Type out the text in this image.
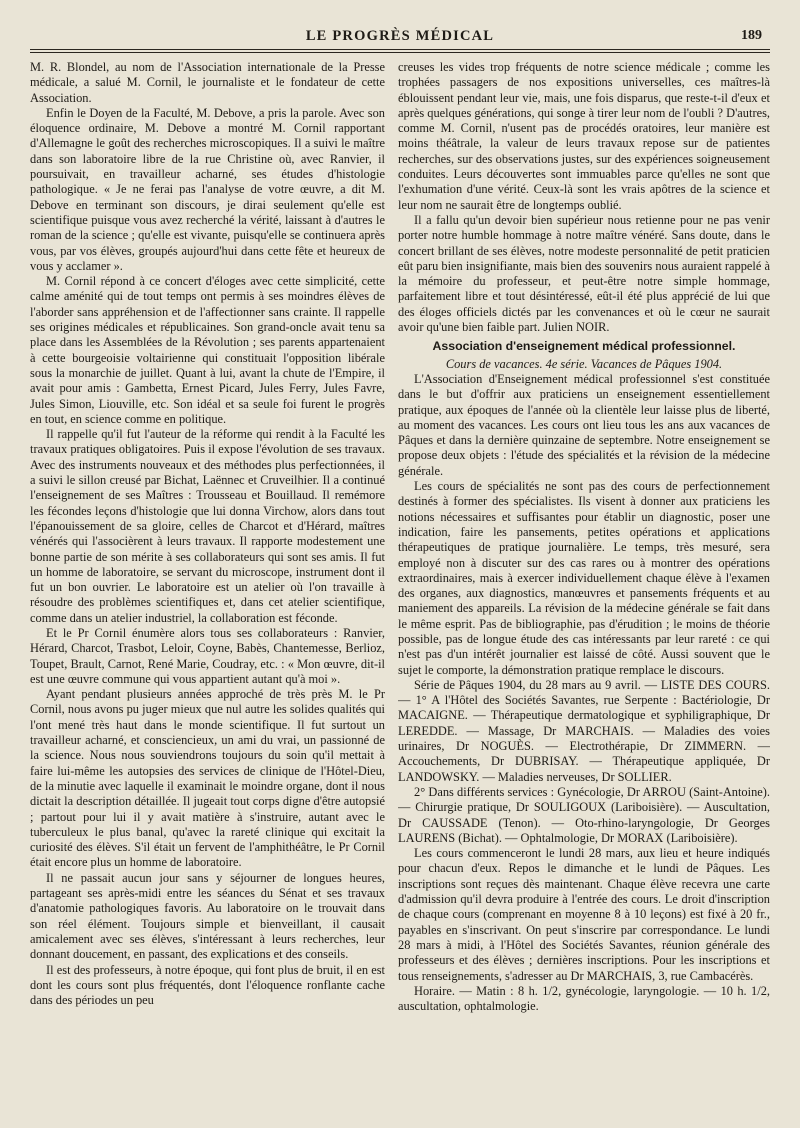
LE PROGRÈS MÉDICAL	189

M. R. Blondel, au nom de l'Association internationale de la Presse médicale, a salué M. Cornil, le journaliste et le fondateur de cette Association.

Enfin le Doyen de la Faculté, M. Debove, a pris la parole. Avec son éloquence ordinaire, M. Debove a montré M. Cornil rapportant d'Allemagne le goût des recherches microscopiques. Il a suivi le maître dans son laboratoire libre de la rue Christine où, avec Ranvier, il poursuivait, en travailleur acharné, ses études d'histologie pathologique. « Je ne ferai pas l'analyse de votre œuvre, a dit M. Debove en terminant son discours, je dirai seulement qu'elle est scientifique puisque vous avez recherché la vérité, laissant à d'autres le roman de la science ; qu'elle est vivante, puisqu'elle se continuera après vous, par vos élèves, groupés aujourd'hui dans cette fête et heureux de vous y acclamer ».

M. Cornil répond à ce concert d'éloges avec cette simplicité, cette calme aménité qui de tout temps ont permis à ses moindres élèves de l'aborder sans appréhension et de l'affectionner sans crainte. Il rappelle ses origines médicales et républicaines. Son grand-oncle avait tenu sa place dans les Assemblées de la Révolution ; ses parents appartenaient à cette bourgeoisie voltairienne qui constituait l'opposition libérale sous la monarchie de juillet. Quant à lui, avant la chute de l'Empire, il avait pour amis : Gambetta, Ernest Picard, Jules Ferry, Jules Favre, Jules Simon, Liouville, etc. Son idéal et sa seule foi furent le progrès en tout, en science comme en politique.

Il rappelle qu'il fut l'auteur de la réforme qui rendit à la Faculté les travaux pratiques obligatoires. Puis il expose l'évolution de ses travaux. Avec des instruments nouveaux et des méthodes plus perfectionnées, il a suivi le sillon creusé par Bichat, Laënnec et Cruveilhier. Il a continué l'enseignement de ses Maîtres : Trousseau et Bouillaud. Il remémore les fécondes leçons d'histologie que lui donna Virchow, alors dans tout l'épanouissement de sa gloire, celles de Charcot et d'Hérard, maîtres vénérés qui l'associèrent à leurs travaux. Il rapporte modestement une bonne partie de son mérite à ses collaborateurs qui sont ses amis. Il fut un homme de laboratoire, se servant du microscope, instrument dont il fut un bon ouvrier. Le laboratoire est un atelier où l'on travaille à résoudre des problèmes scientifiques et, dans cet atelier scientifique, comme dans un atelier industriel, la collaboration est féconde.

Et le Pr Cornil énumère alors tous ses collaborateurs : Ranvier, Hérard, Charcot, Trasbot, Leloir, Coyne, Babès, Chantemesse, Berlioz, Toupet, Brault, Carnot, René Marie, Coudray, etc. : « Mon œuvre, dit-il est une œuvre commune qui vous appartient autant qu'à moi ».

Ayant pendant plusieurs années approché de très près M. le Pr Cornil, nous avons pu juger mieux que nul autre les solides qualités qui l'ont mené très haut dans le monde scientifique. Il fut surtout un travailleur acharné, et consciencieux, un ami du vrai, un passionné de la science. Nous nous souviendrons toujours du soin qu'il mettait à faire lui-même les autopsies des services de clinique de l'Hôtel-Dieu, de la minutie avec laquelle il examinait le moindre organe, dont il nous dictait la description détaillée. Il jugeait tout corps digne d'être autopsié ; partout pour lui il y avait matière à s'instruire, autant avec le tuberculeux le plus banal, qu'avec la rareté clinique qui excitait la curiosité des élèves. S'il était un fervent de l'amphithéâtre, le Pr Cornil était encore plus un homme de laboratoire.

Il ne passait aucun jour sans y séjourner de longues heures, partageant ses après-midi entre les séances du Sénat et ses travaux d'anatomie pathologiques favoris. Au laboratoire on le trouvait dans son réel élément. Toujours simple et bienveillant, il causait amicalement avec ses élèves, s'intéressant à leurs recherches, leur donnant doucement, en passant, des explications et des conseils.

Il est des professeurs, à notre époque, qui font plus de bruit, il en est dont les cours sont plus fréquentés, dont l'éloquence ronflante cache dans des périodes un peu

creuses les vides trop fréquents de notre science médicale ; comme les trophées passagers de nos expositions universelles, ces maîtres-là éblouissent pendant leur vie, mais, une fois disparus, que reste-t-il d'eux et après quelques générations, qui songe à tirer leur nom de l'oubli ? D'autres, comme M. Cornil, n'usent pas de procédés oratoires, leur manière est moins théâtrale, la valeur de leurs travaux repose sur de patientes recherches, sur des observations justes, sur des expériences soigneusement conduites. Leurs découvertes sont immuables parce qu'elles ne sont que l'exhumation d'une vérité. Ceux-là sont les vrais apôtres de la science et leur nom ne saurait être de longtemps oublié.

Il a fallu qu'un devoir bien supérieur nous retienne pour ne pas venir porter notre humble hommage à notre maître vénéré. Sans doute, dans le concert brillant de ses élèves, notre modeste personnalité de petit praticien eût paru bien insignifiante, mais bien des souvenirs nous auraient rappelé à la mémoire du professeur, et peut-être notre simple hommage, parfaitement libre et tout désintéressé, eût-il été plus apprécié de lui que des éloges officiels dictés par les convenances et où le cœur ne saurait avoir qu'une bien faible part. Julien NOIR.

Association d'enseignement médical professionnel.

Cours de vacances. 4e série. Vacances de Pâques 1904.

L'Association d'Enseignement médical professionnel s'est constituée dans le but d'offrir aux praticiens un enseignement essentiellement pratique, aux époques de l'année où la clientèle leur laisse plus de liberté, au moment des vacances. Les cours ont lieu tous les ans aux vacances de Pâques et dans la dernière quinzaine de septembre. Notre enseignement se propose deux objets : l'étude des spécialités et la révision de la médecine générale.

Les cours de spécialités ne sont pas des cours de perfectionnement destinés à former des spécialistes. Ils visent à donner aux praticiens les notions nécessaires et suffisantes pour établir un diagnostic, poser une indication, faire les pansements, petites opérations et applications thérapeutiques de pratique journalière. Le temps, très mesuré, sera employé non à discuter sur des cas rares ou à montrer des opérations extraordinaires, mais à exercer individuellement chaque élève à l'examen des organes, aux diagnostics, manœuvres et pansements fréquents et au maniement des appareils. La révision de la médecine générale se fait dans le même esprit. Pas de bibliographie, pas d'érudition ; le moins de théorie possible, pas de longue étude des cas intéressants par leur rareté : ce qui n'est pas d'un intérêt journalier est laissé de côté. Aussi souvent que le sujet le comporte, la démonstration pratique remplace le discours.

Série de Pâques 1904, du 28 mars au 9 avril. — LISTE DES COURS. — 1° A l'Hôtel des Sociétés Savantes, rue Serpente : Bactériologie, Dr MACAIGNE. — Thérapeutique dermatologique et syphiligraphique, Dr LEREDDE. — Massage, Dr MARCHAIS. — Maladies des voies urinaires, Dr NOGUÈS. — Electrothérapie, Dr ZIMMERN. — Accouchements, Dr DUBRISAY. — Thérapeutique appliquée, Dr LANDOWSKY. — Maladies nerveuses, Dr SOLLIER.

2° Dans différents services : Gynécologie, Dr ARROU (Saint-Antoine). — Chirurgie pratique, Dr SOULIGOUX (Lariboisière). — Auscultation, Dr CAUSSADE (Tenon). — Oto-rhino-laryngologie, Dr Georges LAURENS (Bichat). — Ophtalmologie, Dr MORAX (Lariboisière).

Les cours commenceront le lundi 28 mars, aux lieu et heure indiqués pour chacun d'eux. Repos le dimanche et le lundi de Pâques. Les inscriptions sont reçues dès maintenant. Chaque élève recevra une carte d'admission qu'il devra produire à l'entrée des cours. Le droit d'inscription de chaque cours (comprenant en moyenne 8 à 10 leçons) est fixé à 20 fr., payables en s'inscrivant. On peut s'inscrire par correspondance. Le lundi 28 mars à midi, à l'Hôtel des Sociétés Savantes, réunion générale des professeurs et des élèves ; dernières inscriptions. Pour les inscriptions et tous renseignements, s'adresser au Dr MARCHAIS, 3, rue Cambacérès.

Horaire. — Matin : 8 h. 1/2, gynécologie, laryngologie. — 10 h. 1/2, auscultation, ophtalmologie.
